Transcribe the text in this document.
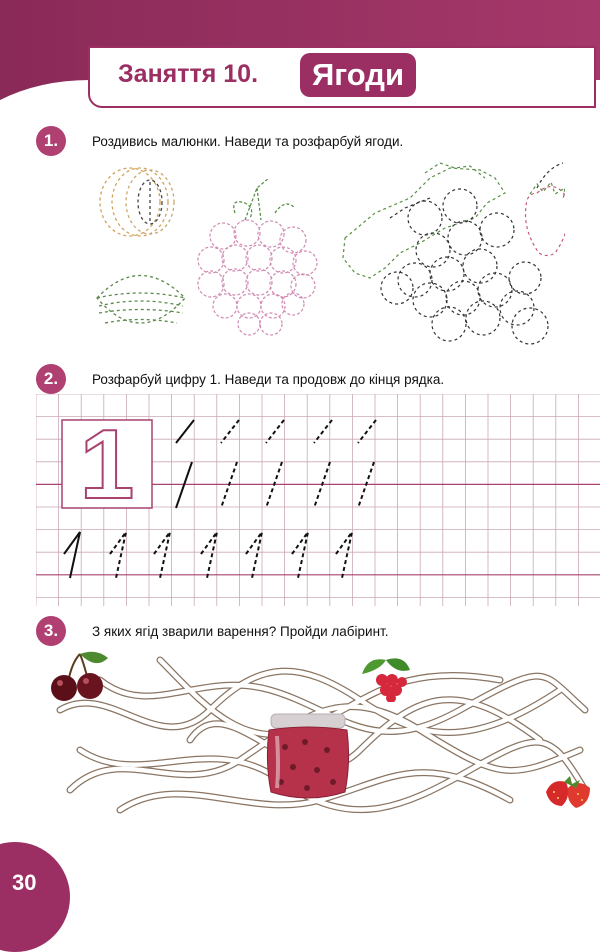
Заняття 10.	Ягоди
1.	Роздивись малюнки. Наведи та розфарбуй ягоди.
2.	Розфарбуй цифру 1. Наведи та продовж до кінця рядка.
1
3.	З яких ягід зварили варення? Пройди лабіринт.
30
